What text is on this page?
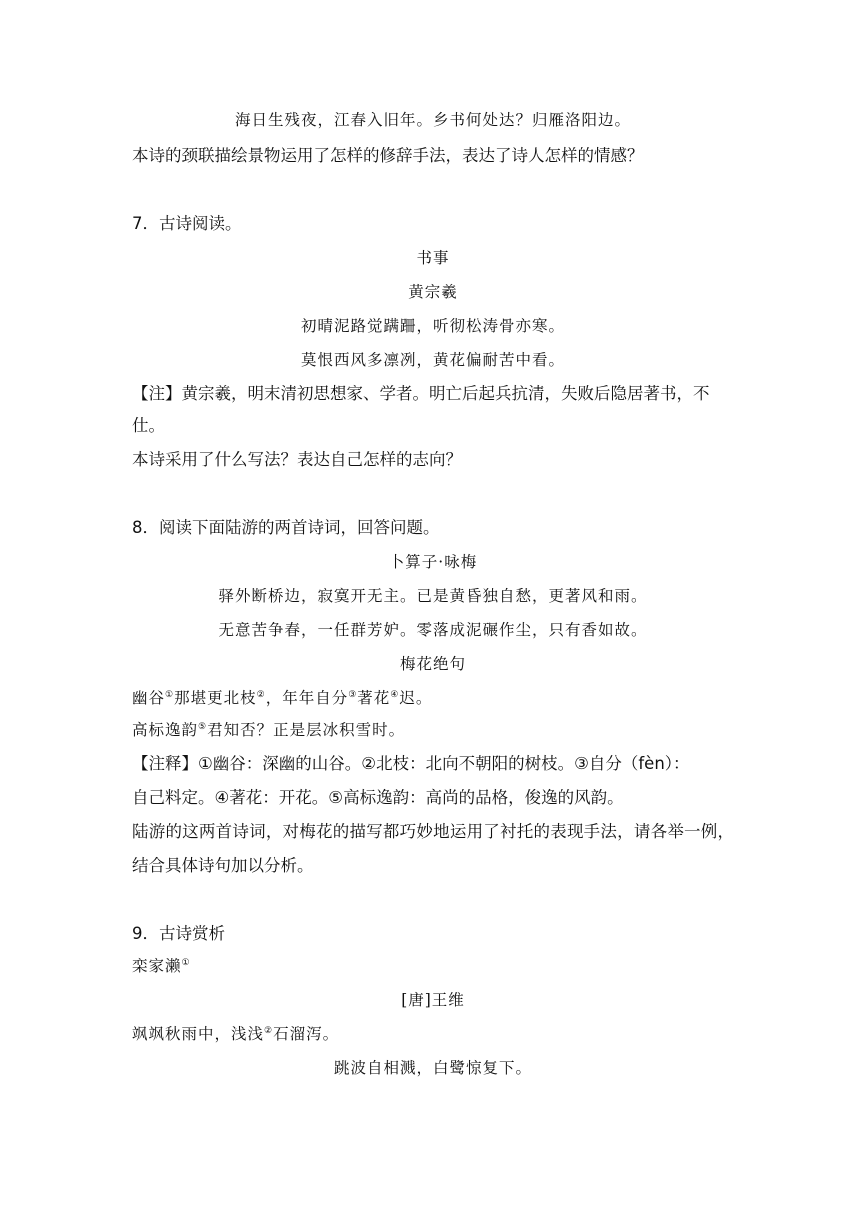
海日生残夜，江春入旧年。乡书何处达？归雁洛阳边。
本诗的颈联描绘景物运用了怎样的修辞手法，表达了诗人怎样的情感？
7．古诗阅读。
书事
黄宗羲
初晴泥路觉蹒跚，听彻松涛骨亦寒。
莫恨西风多凛冽，黄花偏耐苦中看。
【注】黄宗羲，明末清初思想家、学者。明亡后起兵抗清，失败后隐居著书，不
仕。
本诗采用了什么写法？表达自己怎样的志向？
8．阅读下面陆游的两首诗词，回答问题。
卜算子·咏梅
驿外断桥边，寂寞开无主。已是黄昏独自愁，更著风和雨。
无意苦争春，一任群芳妒。零落成泥碾作尘，只有香如故。
梅花绝句
幽谷①那堪更北枝②，年年自分③著花④迟。
高标逸韵⑤君知否？正是层冰积雪时。
【注释】①幽谷：深幽的山谷。②北枝：北向不朝阳的树枝。③自分（fèn）：
自己料定。④著花：开花。⑤高标逸韵：高尚的品格，俊逸的风韵。
陆游的这两首诗词，对梅花的描写都巧妙地运用了衬托的表现手法，请各举一例，
结合具体诗句加以分析。
9．古诗赏析
栾家濑①
[唐]王维
飒飒秋雨中，浅浅②石溜泻。
跳波自相溅，白鹭惊复下。
